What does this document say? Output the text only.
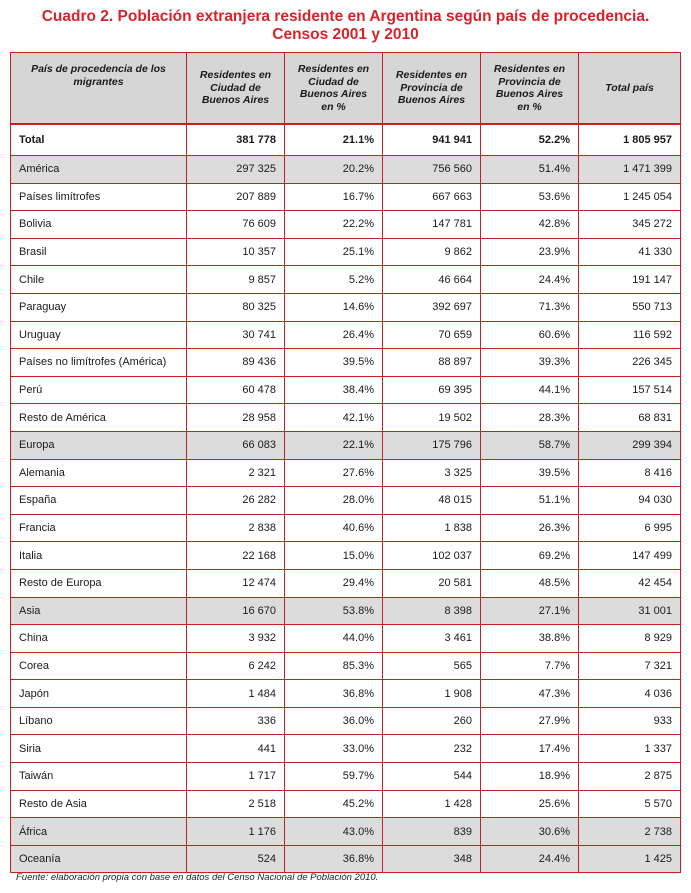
Cuadro 2. Población extranjera residente en Argentina según país de procedencia.
Censos 2001 y 2010
País de procedencia de los migrantes	Residentes en Ciudad de Buenos Aires	Residentes en Ciudad de Buenos Aires en %	Residentes en Provincia de Buenos Aires	Residentes en Provincia de Buenos Aires en %	Total país
Total	381 778	21.1%	941 941	52.2%	1 805 957
América	297 325	20.2%	756 560	51.4%	1 471 399
Países limítrofes	207 889	16.7%	667 663	53.6%	1 245 054
Bolivia	76 609	22.2%	147 781	42.8%	345 272
Brasil	10 357	25.1%	9 862	23.9%	41 330
Chile	9 857	5.2%	46 664	24.4%	191 147
Paraguay	80 325	14.6%	392 697	71.3%	550 713
Uruguay	30 741	26.4%	70 659	60.6%	116 592
Países no limítrofes (América)	89 436	39.5%	88 897	39.3%	226 345
Perú	60 478	38.4%	69 395	44.1%	157 514
Resto de América	28 958	42.1%	19 502	28.3%	68 831
Europa	66 083	22.1%	175 796	58.7%	299 394
Alemania	2 321	27.6%	3 325	39.5%	8 416
España	26 282	28.0%	48 015	51.1%	94 030
Francia	2 838	40.6%	1 838	26.3%	6 995
Italia	22 168	15.0%	102 037	69.2%	147 499
Resto de Europa	12 474	29.4%	20 581	48.5%	42 454
Asia	16 670	53.8%	8 398	27.1%	31 001
China	3 932	44.0%	3 461	38.8%	8 929
Corea	6 242	85.3%	565	7.7%	7 321
Japón	1 484	36.8%	1 908	47.3%	4 036
Líbano	336	36.0%	260	27.9%	933
Siria	441	33.0%	232	17.4%	1 337
Taiwán	1 717	59.7%	544	18.9%	2 875
Resto de Asia	2 518	45.2%	1 428	25.6%	5 570
África	1 176	43.0%	839	30.6%	2 738
Oceanía	524	36.8%	348	24.4%	1 425
Fuente: elaboración propia con base en datos del Censo Nacional de Población 2010.
